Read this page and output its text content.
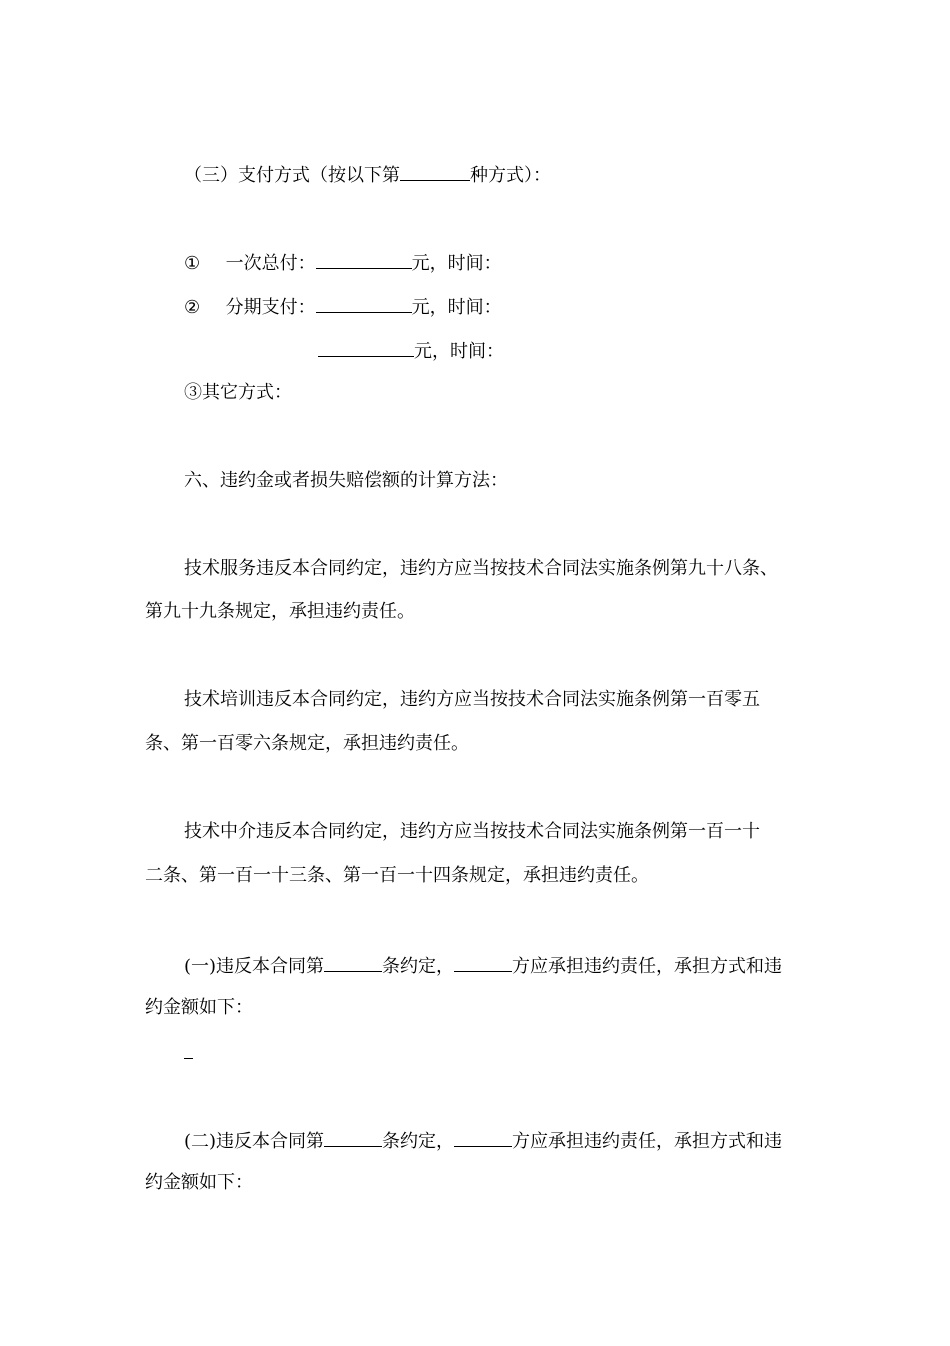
（三）支付方式（按以下第	种方式）：
① 一次总付：	元，时间：
② 分期支付：	元，时间：
元，时间：
③其它方式：
六、违约金或者损失赔偿额的计算方法：
技术服务违反本合同约定，违约方应当按技术合同法实施条例第九十八条、
第九十九条规定，承担违约责任。
技术培训违反本合同约定，违约方应当按技术合同法实施条例第一百零五
条、第一百零六条规定，承担违约责任。
技术中介违反本合同约定，违约方应当按技术合同法实施条例第一百一十
二条、第一百一十三条、第一百一十四条规定，承担违约责任。
(一)违反本合同第	条约定，	方应承担违约责任，承担方式和违
约金额如下：
(二)违反本合同第	条约定，	方应承担违约责任，承担方式和违
约金额如下：
